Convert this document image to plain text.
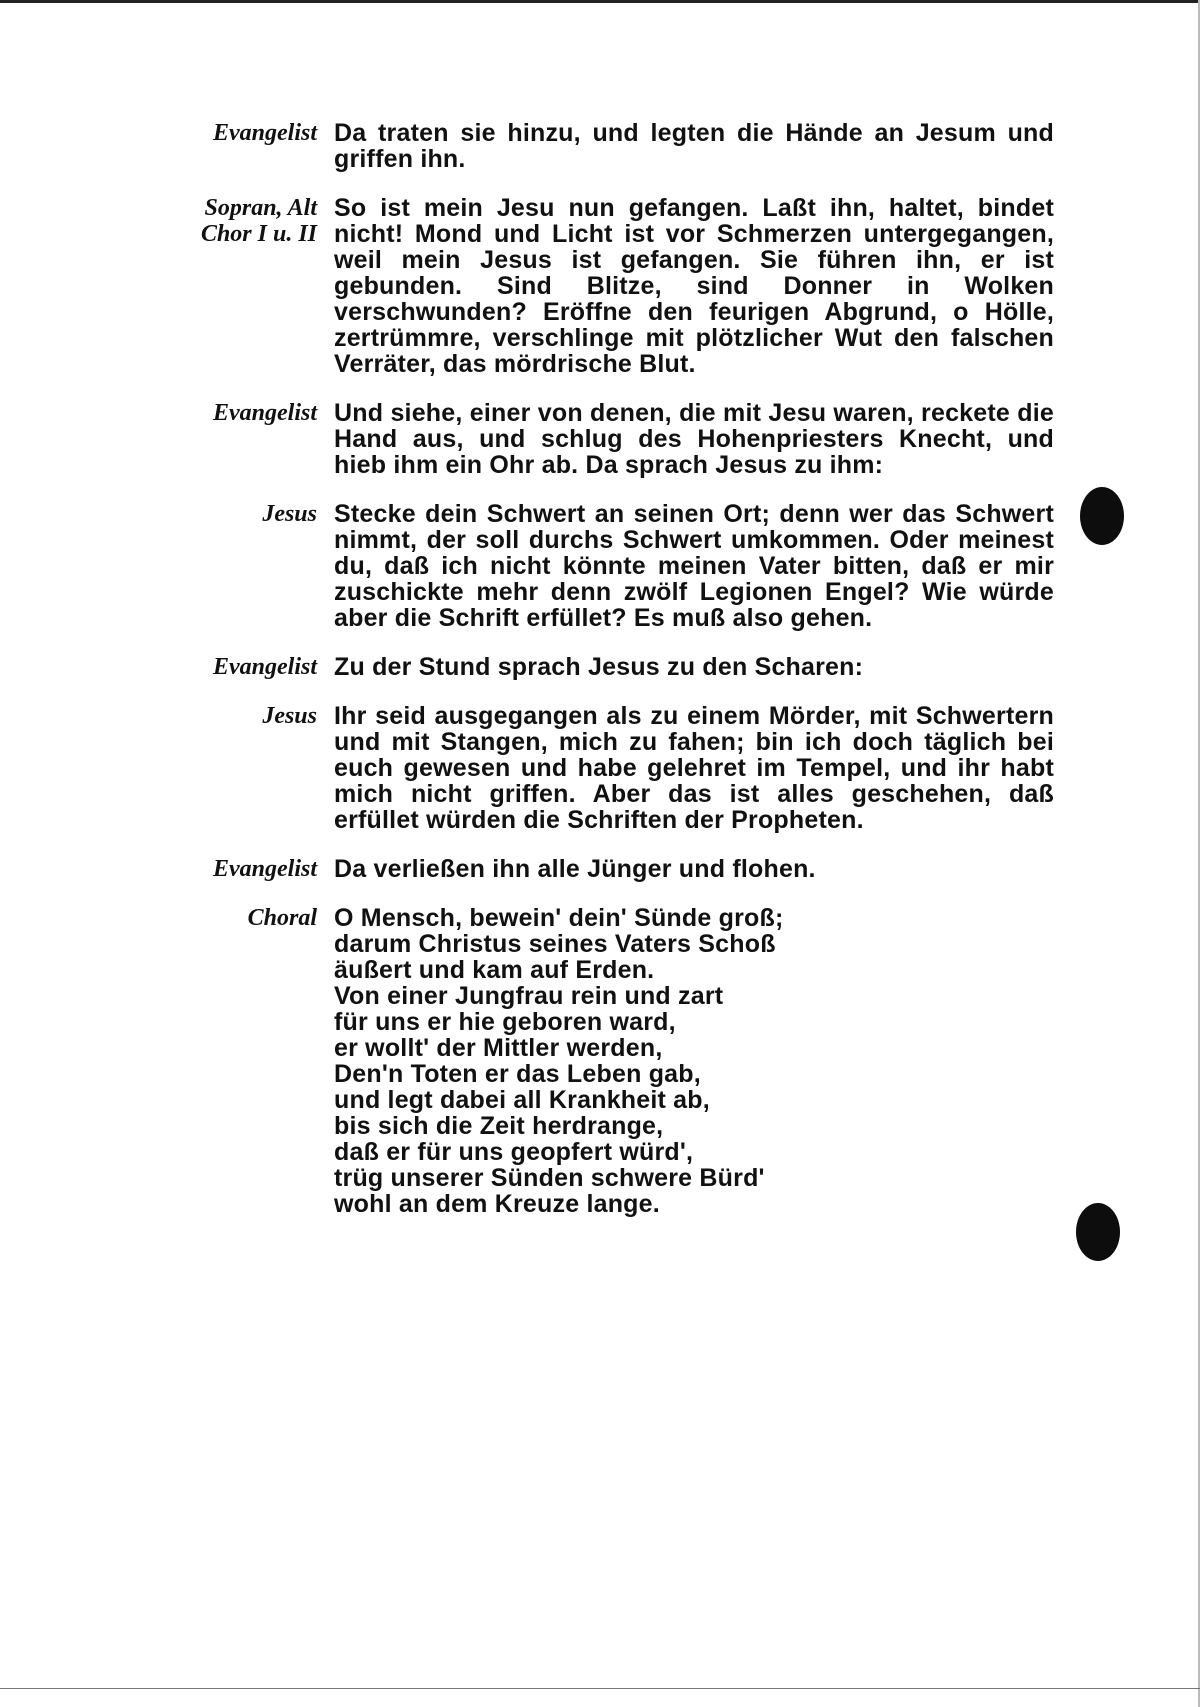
Evangelist Da traten sie hinzu, und legten die Hände an Jesum und griffen ihn.
Sopran, Alt
Chor I u. II
So ist mein Jesu nun gefangen. Laßt ihn, haltet, bindet nicht! Mond und Licht ist vor Schmerzen untergegangen, weil mein Jesus ist gefangen. Sie führen ihn, er ist gebunden. Sind Blitze, sind Donner in Wolken verschwunden? Eröffne den feurigen Abgrund, o Hölle, zertrümmre, verschlinge mit plötzlicher Wut den falschen Verräter, das mördrische Blut.
Evangelist Und siehe, einer von denen, die mit Jesu waren, reckete die Hand aus, und schlug des Hohenpriesters Knecht, und hieb ihm ein Ohr ab. Da sprach Jesus zu ihm:
Jesus Stecke dein Schwert an seinen Ort; denn wer das Schwert nimmt, der soll durchs Schwert umkommen. Oder meinest du, daß ich nicht könnte meinen Vater bitten, daß er mir zuschickte mehr denn zwölf Legionen Engel? Wie würde aber die Schrift erfüllet? Es muß also gehen.
Evangelist Zu der Stund sprach Jesus zu den Scharen:
Jesus Ihr seid ausgegangen als zu einem Mörder, mit Schwertern und mit Stangen, mich zu fahen; bin ich doch täglich bei euch gewesen und habe gelehret im Tempel, und ihr habt mich nicht griffen. Aber das ist alles geschehen, daß erfüllet würden die Schriften der Propheten.
Evangelist Da verließen ihn alle Jünger und flohen.
Choral O Mensch, bewein' dein' Sünde groß;
darum Christus seines Vaters Schoß
äußert und kam auf Erden.
Von einer Jungfrau rein und zart
für uns er hie geboren ward,
er wollt' der Mittler werden,
Den'n Toten er das Leben gab,
und legt dabei all Krankheit ab,
bis sich die Zeit herdrange,
daß er für uns geopfert würd',
trüg unserer Sünden schwere Bürd'
wohl an dem Kreuze lange.
